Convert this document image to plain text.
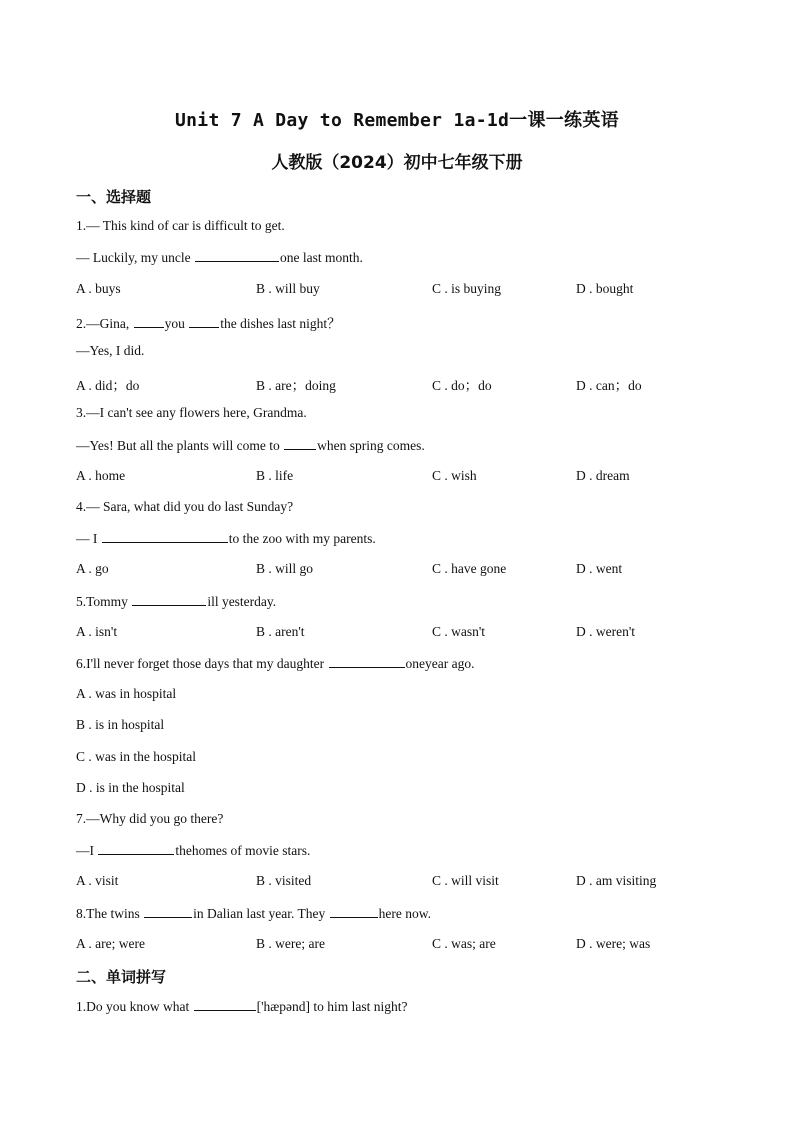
Unit 7 A Day to Remember 1a-1d一课一练英语
人教版（2024）初中七年级下册
一、选择题
1.— This kind of car is difficult to get.
— Luckily, my uncle	one last month.
A . buys	B . will buy	C . is buying	D . bought
2.—Gina, you the dishes last night？
—Yes, I did.
A . did；do	B . are；doing	C . do；do	D . can；do
3.—I can't see any flowers here, Grandma.
—Yes! But all the plants will come to	when spring comes.
A . home	B . life	C . wish	D . dream
4.— Sara, what did you do last Sunday?
— I	to the zoo with my parents.
A . go	B . will go	C . have gone	D . went
5.Tommy	ill yesterday.
A . isn't	B . aren't	C . wasn't	D . weren't
6.I'll never forget those days that my daughter	oneyear ago.
A . was in hospital
B . is in hospital
C . was in the hospital
D . is in the hospital
7.—Why did you go there?
—I	thehomes of movie stars.
A . visit	B . visited	C . will visit	D . am visiting
8.The twins	in Dalian last year. They	here now.
A . are; were	B . were; are	C . was; are	D . were; was
二、单词拼写
1.Do you know what	['hæpənd] to him last night?
